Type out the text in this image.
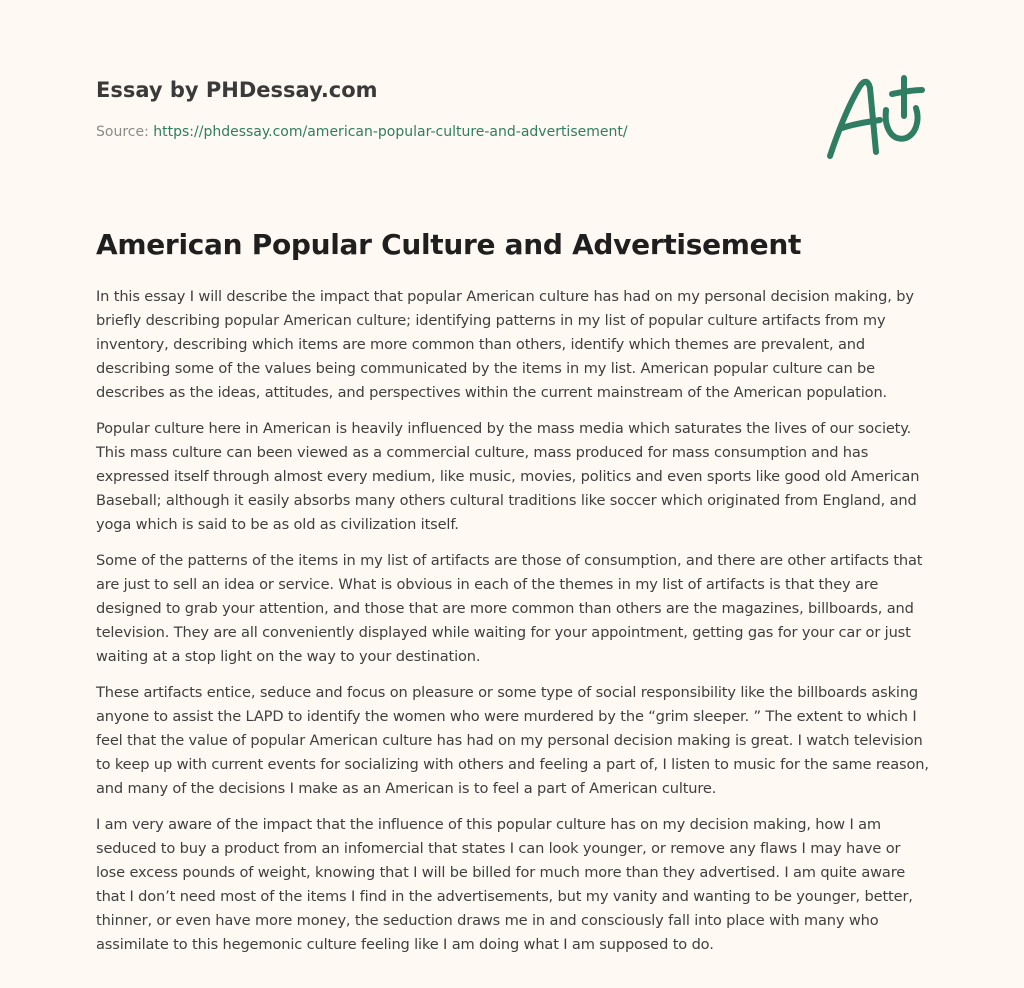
Essay by PHDessay.com
Source: https://phdessay.com/american-popular-culture-and-advertisement/
American Popular Culture and Advertisement

In this essay I will describe the impact that popular American culture has had on my personal decision making, by briefly describing popular American culture; identifying patterns in my list of popular culture artifacts from my inventory, describing which items are more common than others, identify which themes are prevalent, and describing some of the values being communicated by the items in my list. American popular culture can be describes as the ideas, attitudes, and perspectives within the current mainstream of the American population.

Popular culture here in American is heavily influenced by the mass media which saturates the lives of our society. This mass culture can been viewed as a commercial culture, mass produced for mass consumption and has expressed itself through almost every medium, like music, movies, politics and even sports like good old American Baseball; although it easily absorbs many others cultural traditions like soccer which originated from England, and yoga which is said to be as old as civilization itself.

Some of the patterns of the items in my list of artifacts are those of consumption, and there are other artifacts that are just to sell an idea or service. What is obvious in each of the themes in my list of artifacts is that they are designed to grab your attention, and those that are more common than others are the magazines, billboards, and television. They are all conveniently displayed while waiting for your appointment, getting gas for your car or just waiting at a stop light on the way to your destination.

These artifacts entice, seduce and focus on pleasure or some type of social responsibility like the billboards asking anyone to assist the LAPD to identify the women who were murdered by the “grim sleeper. ” The extent to which I feel that the value of popular American culture has had on my personal decision making is great. I watch television to keep up with current events for socializing with others and feeling a part of, I listen to music for the same reason, and many of the decisions I make as an American is to feel a part of American culture.

I am very aware of the impact that the influence of this popular culture has on my decision making, how I am seduced to buy a product from an infomercial that states I can look younger, or remove any flaws I may have or lose excess pounds of weight, knowing that I will be billed for much more than they advertised. I am quite aware that I don’t need most of the items I find in the advertisements, but my vanity and wanting to be younger, better, thinner, or even have more money, the seduction draws me in and consciously fall into place with many who assimilate to this hegemonic culture feeling like I am doing what I am supposed to do.
